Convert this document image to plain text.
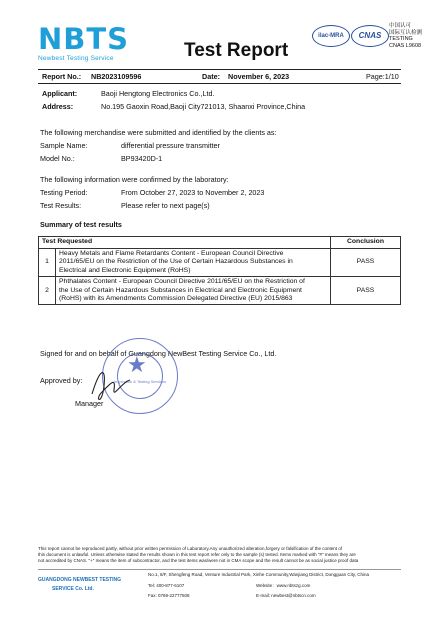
NBTS
Newbest Testing Service	Test Report
ilac-MRA	CNAS
中国认可
国际互认检测
TESTING
CNAS L9608
Report No.: NB2023109596	Date: November 6, 2023	Page:1/10
Applicant:	Baoji Hengtong Electronics Co.,Ltd.
Address:	No.195 Gaoxin Road,Baoji City721013, Shaanxi Province,China
The following merchandise were submitted and identified by the clients as:
Sample Name:	differential pressure transmitter
Model No.:	BP93420D-1
The following information were confirmed by the laboratory:
Testing Period:	From October 27, 2023 to November 2, 2023
Test Results:	Please refer to next page(s)
Summary of test results
Test Requested		Conclusion
1	Heavy Metals and Flame Retardants Content - European Council Directive
2011/65/EU on the Restriction of the Use of Certain Hazardous Substances in
Electrical and Electronic Equipment (RoHS)	PASS
2	Phthalates Content - European Council Directive 2011/65/EU on the Restriction of
the Use of Certain Hazardous Substances in Electrical and Electronic Equipment
(RoHS) with its Amendments Commission Delegated Directive (EU) 2015/863	PASS
Signed for and on behalf of Guangdong NewBest Testing Service Co., Ltd.
Approved by:
★
Inspection & Testing Services
Manager
This report cannot be reproduced partly, without prior written permission of Laboratory.Any unauthorized alteration,forgery or falsification of the content of
this document is unlawful. Unless otherwise stated the results shown in this test report refer only to the sample (s) tested. Items marked with "#" means they are
not accredited by CNAS. "+" means the item of subcontractor, and the test items was/were not in CMA scope and the result cannot be as social justice proof data
GUANGDONG NEWBEST TESTING
SERVICE Co. Ltd.
No.1, 8/F, Shengfeng Road, Venture Industrial Park, Xinhe Community,Wanjiang District, Dongguan City, China
Tel: 400-877-6107
Fax: 0769-22777508
Website：www.nbtszg.com
E-mail: newbest@nbtscn.com
